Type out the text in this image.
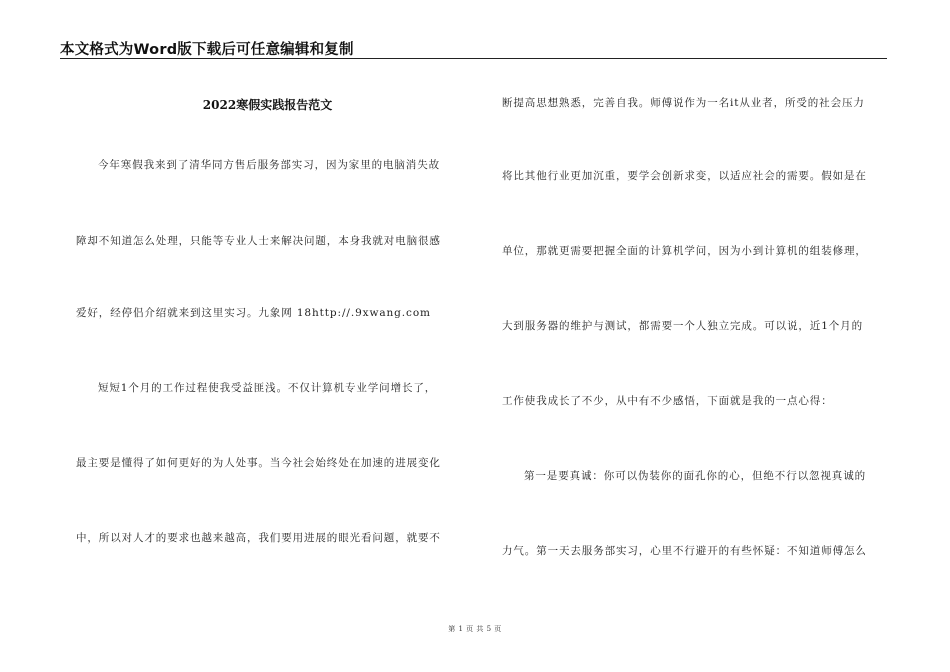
本文格式为Word版下载后可任意编辑和复制
2022寒假实践报告范文
今年寒假我来到了清华同方售后服务部实习，因为家里的电脑消失故
障却不知道怎么处理，只能等专业人士来解决问题，本身我就对电脑很感
爱好，经停侣介绍就来到这里实习。九象网 18http://.9xwang.com
短短1个月的工作过程使我受益匪浅。不仅计算机专业学问增长了，
最主要是懂得了如何更好的为人处事。当今社会始终处在加速的进展变化
中，所以对人才的要求也越来越高，我们要用进展的眼光看问题，就要不
断提高思想熟悉，完善自我。师傅说作为一名it从业者，所受的社会压力
将比其他行业更加沉重，要学会创新求变，以适应社会的需要。假如是在
单位，那就更需要把握全面的计算机学问，因为小到计算机的组装修理，
大到服务器的维护与测试，都需要一个人独立完成。可以说，近1个月的
工作使我成长了不少，从中有不少感悟，下面就是我的一点心得：
第一是要真诚：你可以伪装你的面孔你的心，但绝不行以忽视真诚的
力气。第一天去服务部实习，心里不行避开的有些怀疑：不知道师傅怎么
第 1 页 共 5 页
